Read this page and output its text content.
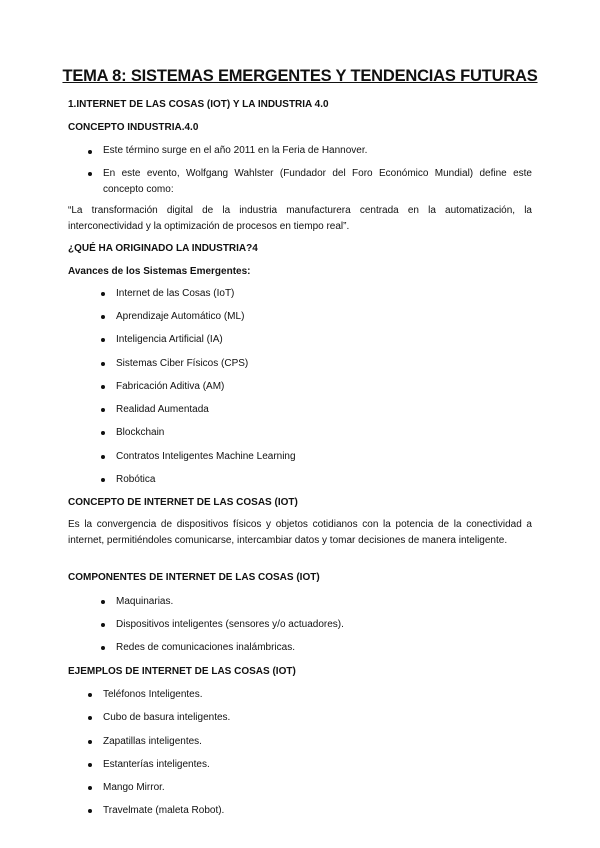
TEMA 8: SISTEMAS EMERGENTES Y TENDENCIAS FUTURAS
1.INTERNET DE LAS COSAS (IOT) Y LA INDUSTRIA 4.0
CONCEPTO INDUSTRIA.4.0
Este término surge en el año 2011 en la Feria de Hannover.
En este evento, Wolfgang Wahlster (Fundador del Foro Económico Mundial) define este concepto como:
“La transformación digital de la industria manufacturera centrada en la automatización, la interconectividad y la optimización de procesos en tiempo real”.
¿QUÉ HA ORIGINADO LA INDUSTRIA?4
Avances de los Sistemas Emergentes:
Internet de las Cosas (IoT)
Aprendizaje Automático (ML)
Inteligencia Artificial (IA)
Sistemas Ciber Físicos (CPS)
Fabricación Aditiva (AM)
Realidad Aumentada
Blockchain
Contratos Inteligentes Machine Learning
Robótica
CONCEPTO DE INTERNET DE LAS COSAS (IOT)
Es la convergencia de dispositivos físicos y objetos cotidianos con la potencia de la conectividad a internet, permitiéndoles comunicarse, intercambiar datos y tomar decisiones de manera inteligente.
COMPONENTES DE INTERNET DE LAS COSAS (IOT)
Maquinarias.
Dispositivos inteligentes (sensores y/o actuadores).
Redes de comunicaciones inalámbricas.
EJEMPLOS DE INTERNET DE LAS COSAS (IOT)
Teléfonos Inteligentes.
Cubo de basura inteligentes.
Zapatillas inteligentes.
Estanterías inteligentes.
Mango Mirror.
Travelmate (maleta Robot).
